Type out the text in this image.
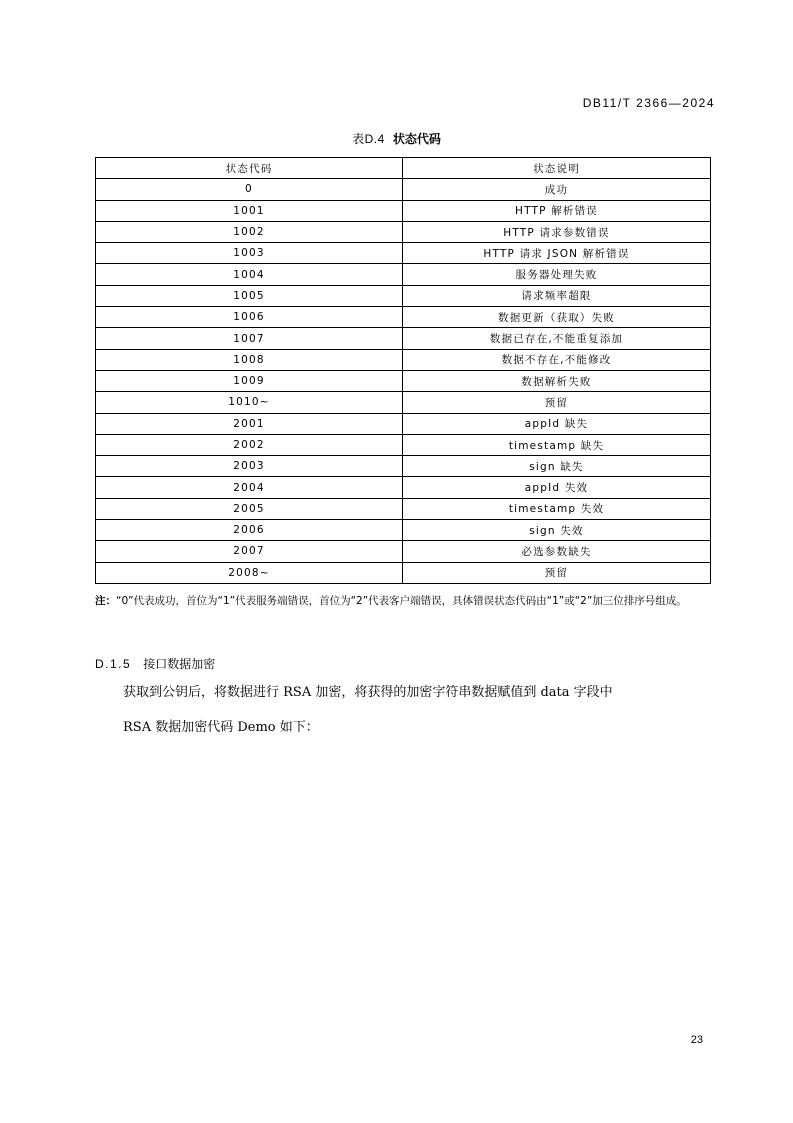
DB11/T 2366—2024
表D.4 状态代码
状态代码	状态说明
0	成功
1001	HTTP 解析错误
1002	HTTP 请求参数错误
1003	HTTP 请求 JSON 解析错误
1004	服务器处理失败
1005	请求频率超限
1006	数据更新（获取）失败
1007	数据已存在,不能重复添加
1008	数据不存在,不能修改
1009	数据解析失败
1010~	预留
2001	appId 缺失
2002	timestamp 缺失
2003	sign 缺失
2004	appId 失效
2005	timestamp 失效
2006	sign 失效
2007	必选参数缺失
2008~	预留
注：“0”代表成功，首位为“1”代表服务端错误，首位为“2”代表客户端错误，具体错误状态代码由“1”或“2”加三位排序号组成。
D.1.5 接口数据加密
获取到公钥后，将数据进行 RSA 加密，将获得的加密字符串数据赋值到 data 字段中
RSA 数据加密代码 Demo 如下：
23
